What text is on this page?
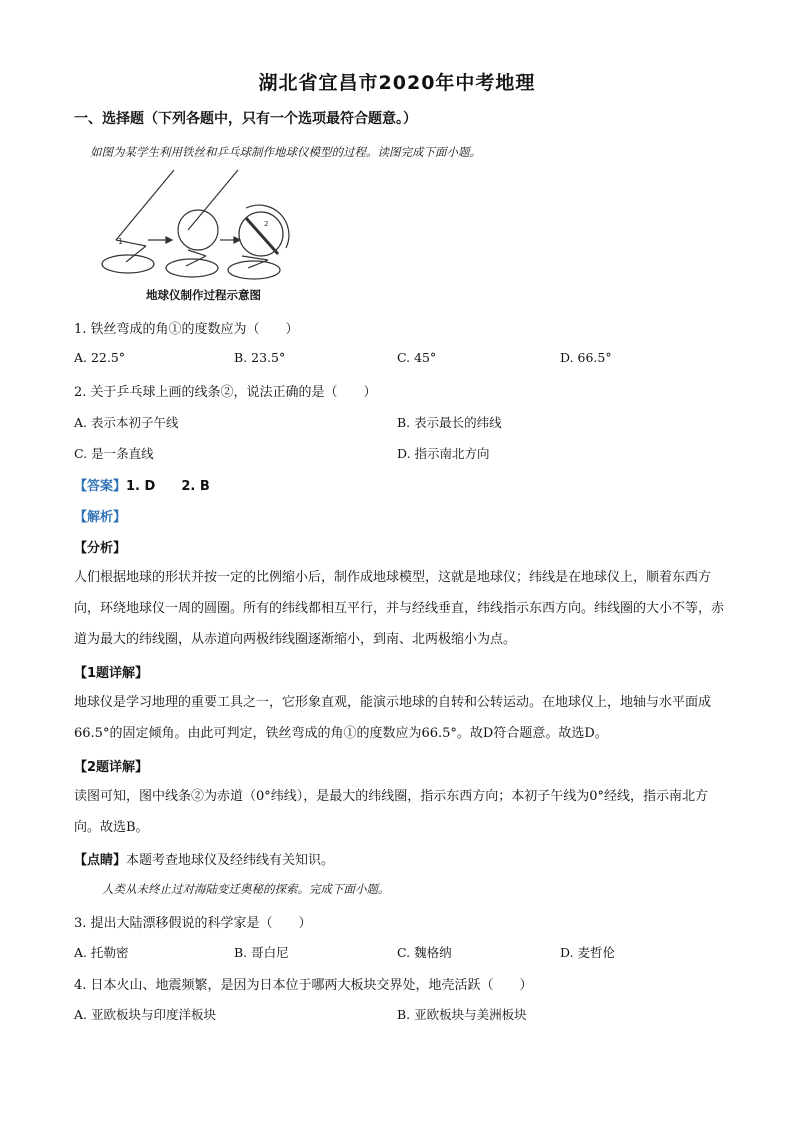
湖北省宜昌市2020年中考地理
一、选择题（下列各题中，只有一个选项最符合题意。）
如图为某学生利用铁丝和乒乓球制作地球仪模型的过程。读图完成下面小题。
1
2
地球仪制作过程示意图
1. 铁丝弯成的角①的度数应为（　　）
A. 22.5°	B. 23.5°	C. 45°	D. 66.5°
2. 关于乒乓球上画的线条②，说法正确的是（　　）
A. 表示本初子午线	B. 表示最长的纬线
C. 是一条直线	D. 指示南北方向
【答案】1. D　　2. B
【解析】
【分析】
人们根据地球的形状并按一定的比例缩小后，制作成地球模型，这就是地球仪；纬线是在地球仪上，顺着东西方向，环绕地球仪一周的圆圈。所有的纬线都相互平行，并与经线垂直，纬线指示东西方向。纬线圈的大小不等，赤道为最大的纬线圈，从赤道向两极纬线圈逐渐缩小，到南、北两极缩小为点。
【1题详解】
地球仪是学习地理的重要工具之一，它形象直观，能演示地球的自转和公转运动。在地球仪上，地轴与水平面成66.5°的固定倾角。由此可判定，铁丝弯成的角①的度数应为66.5°。故D符合题意。故选D。
【2题详解】
读图可知，图中线条②为赤道（0°纬线），是最大的纬线圈，指示东西方向；本初子午线为0°经线，指示南北方向。故选B。
【点睛】本题考查地球仪及经纬线有关知识。
人类从未终止过对海陆变迁奥秘的探索。完成下面小题。
3. 提出大陆漂移假说的科学家是（　　）
A. 托勒密	B. 哥白尼	C. 魏格纳	D. 麦哲伦
4. 日本火山、地震频繁，是因为日本位于哪两大板块交界处，地壳活跃（　　）
A. 亚欧板块与印度洋板块	B. 亚欧板块与美洲板块
